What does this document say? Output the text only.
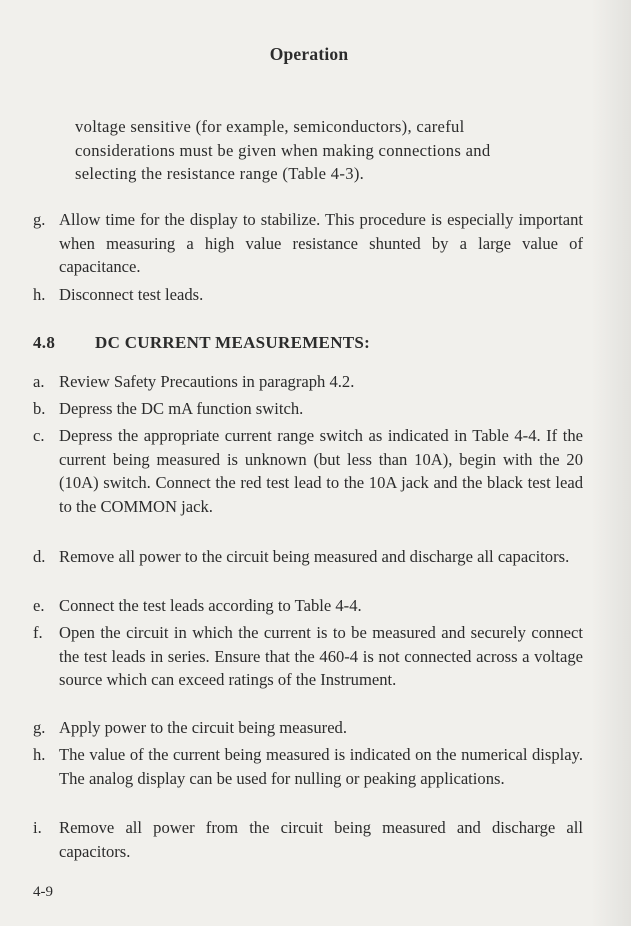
Operation
voltage sensitive (for example, semiconductors), careful considerations must be given when making connections and selecting the resistance range (Table 4-3).
g. Allow time for the display to stabilize. This procedure is especially important when measuring a high value resistance shunted by a large value of capacitance.
h. Disconnect test leads.
4.8 DC CURRENT MEASUREMENTS:
a. Review Safety Precautions in paragraph 4.2.
b. Depress the DC mA function switch.
c. Depress the appropriate current range switch as indicated in Table 4-4. If the current being measured is unknown (but less than 10A), begin with the 20 (10A) switch. Connect the red test lead to the 10A jack and the black test lead to the COMMON jack.
d. Remove all power to the circuit being measured and discharge all capacitors.
e. Connect the test leads according to Table 4-4.
f. Open the circuit in which the current is to be measured and securely connect the test leads in series. Ensure that the 460-4 is not connected across a voltage source which can exceed ratings of the Instrument.
g. Apply power to the circuit being measured.
h. The value of the current being measured is indicated on the numerical display. The analog display can be used for nulling or peaking applications.
i.	Remove all power from the circuit being measured and discharge all capacitors.
4-9
